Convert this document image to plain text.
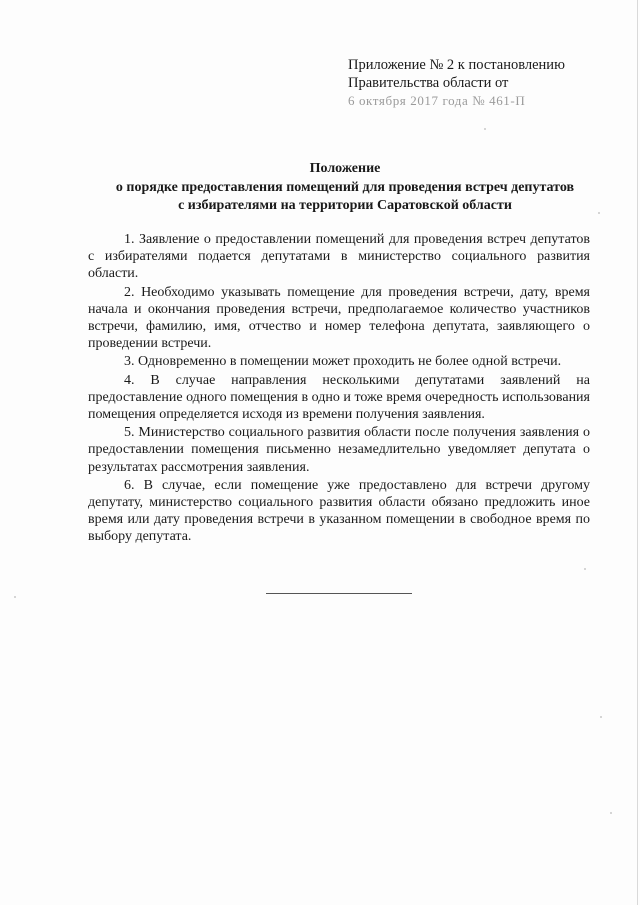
Приложение № 2 к постановлению
Правительства области от
6 октября 2017 года № 461-П
Положение
о порядке предоставления помещений для проведения встреч депутатов
с избирателями на территории Саратовской области

1. Заявление о предоставлении помещений для проведения встреч депутатов с избирателями подается депутатами в министерство социального развития области.

2. Необходимо указывать помещение для проведения встречи, дату, время начала и окончания проведения встречи, предполагаемое количество участников встречи, фамилию, имя, отчество и номер телефона депутата, заявляющего о проведении встречи.

3. Одновременно в помещении может проходить не более одной встречи.

4. В случае направления несколькими депутатами заявлений на предоставление одного помещения в одно и тоже время очередность использования помещения определяется исходя из времени получения заявления.

5. Министерство социального развития области после получения заявления о предоставлении помещения письменно незамедлительно уведомляет депутата о результатах рассмотрения заявления.

6. В случае, если помещение уже предоставлено для встречи другому депутату, министерство социального развития области обязано предложить иное время или дату проведения встречи в указанном помещении в свободное время по выбору депутата.
